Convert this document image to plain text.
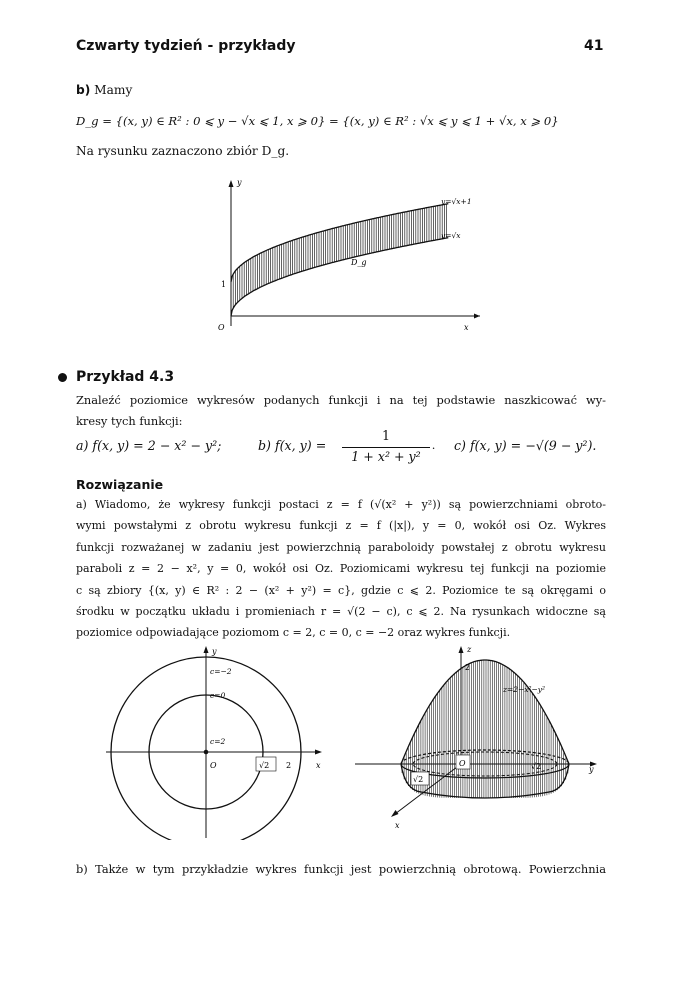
Czwarty tydzień - przykłady	41
b) Mamy
D_g = {(x, y) ∈ R² : 0 ⩽ y − √x ⩽ 1, x ⩾ 0} = {(x, y) ∈ R² : √x ⩽ y ⩽ 1 + √x, x ⩾ 0}
Na rysunku zaznaczono zbiór D_g.
y
x
O
1
y=√x+1
y=√x
D_g
Przykład 4.3
Znaleźć poziomice wykresów podanych funkcji i na tej podstawie naszkicować wy-
kresy tych funkcji:
a) f(x, y) = 2 − x² − y²;	b) f(x, y) =
1
1 + x² + y²
. c) f(x, y) = −√(9 − y²).
Rozwiązanie
a) Wiadomo, że wykresy funkcji postaci z = f (√(x² + y²)) są powierzchniami obroto-
wymi powstałymi z obrotu wykresu funkcji z = f (|x|), y = 0, wokół osi Oz. Wykres
funkcji rozważanej w zadaniu jest powierzchnią paraboloidy powstałej z obrotu wykresu
paraboli z = 2 − x², y = 0, wokół osi Oz. Poziomicami wykresu tej funkcji na poziomie
c są zbiory {(x, y) ∈ R² : 2 − (x² + y²) = c}, gdzie c ⩽ 2. Poziomice te są okręgami o
środku w początku układu i promieniach r = √(2 − c), c ⩽ 2. Na rysunkach widoczne są
poziomice odpowiadające poziomom c = 2, c = 0, c = −2 oraz wykres funkcji.
y
x
O
c=−2
c=0
c=2
√2 2
z
2
z=2−x²−y²
O	√2	y
√2
x
b) Także w tym przykładzie wykres funkcji jest powierzchnią obrotową. Powierzchnia
